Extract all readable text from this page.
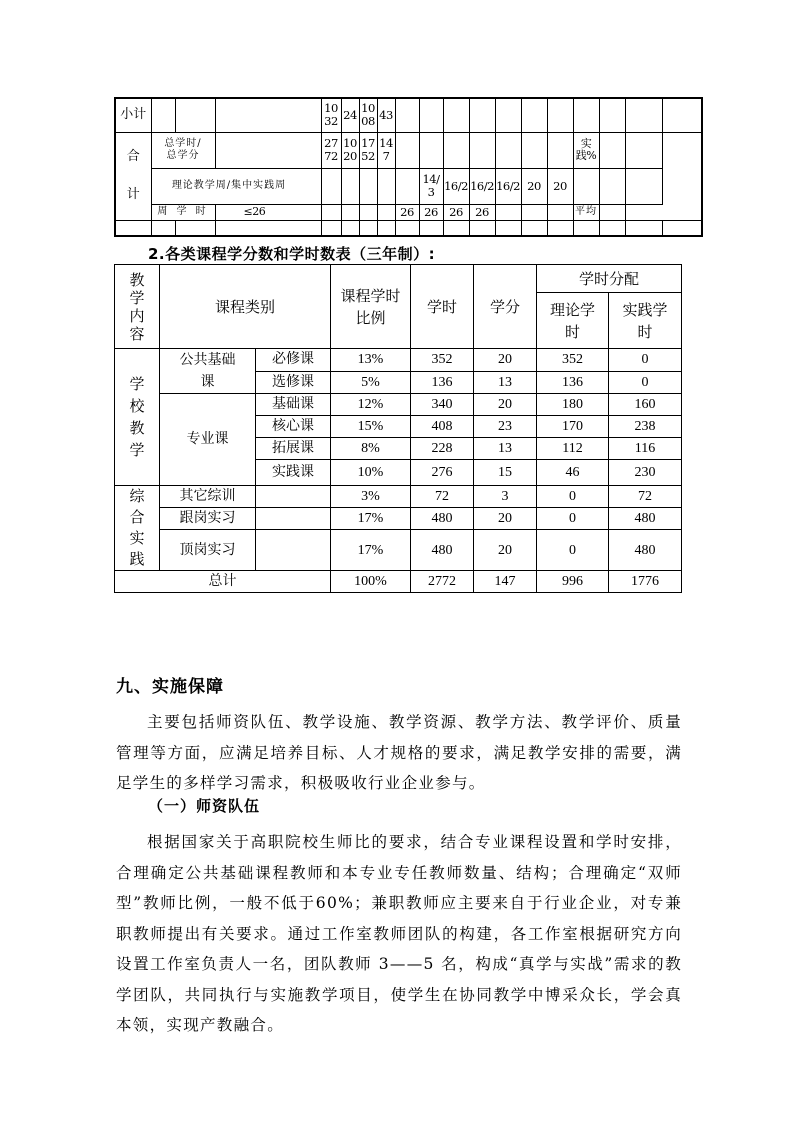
小计				1032	24	1008	43											

合
计	总学时/总学分			2772	1020	1752	147								实践%			
	理论教学周/集中实践周								14/3	16/2	16/2	16/2	20	20				
	周 学 时		≤26					26	26	26	26				平均			

2.各类课程学分数和学时数表（三年制）:
教学内容	课程类别		课程学时比例	学时	学分	学时分配	

						理论学时	实践学时

学校教学	公共基础课	必修课	13%	352	20	352	0
		选修课	5%	136	13	136	0
	专业课	基础课	12%	340	20	180	160
		核心课	15%	408	23	170	238
		拓展课	8%	228	13	112	116
		实践课	10%	276	15	46	230

综合实践	其它综训		3%	72	3	0	72
	跟岗实习		17%	480	20	0	480
	顶岗实习		17%	480	20	0	480
总计			100%	2772	147	996	1776
九、实施保障

主要包括师资队伍、教学设施、教学资源、教学方法、教学评价、质量管理等方面，应满足培养目标、人才规格的要求，满足教学安排的需要，满足学生的多样学习需求，积极吸收行业企业参与。

（一）师资队伍

根据国家关于高职院校生师比的要求，结合专业课程设置和学时安排，合理确定公共基础课程教师和本专业专任教师数量、结构；合理确定“双师型”教师比例，一般不低于60%；兼职教师应主要来自于行业企业，对专兼职教师提出有关要求。通过工作室教师团队的构建，各工作室根据研究方向设置工作室负责人一名，团队教师 3——5 名，构成“真学与实战”需求的教学团队，共同执行与实施教学项目，使学生在协同教学中博采众长，学会真本领，实现产教融合。
